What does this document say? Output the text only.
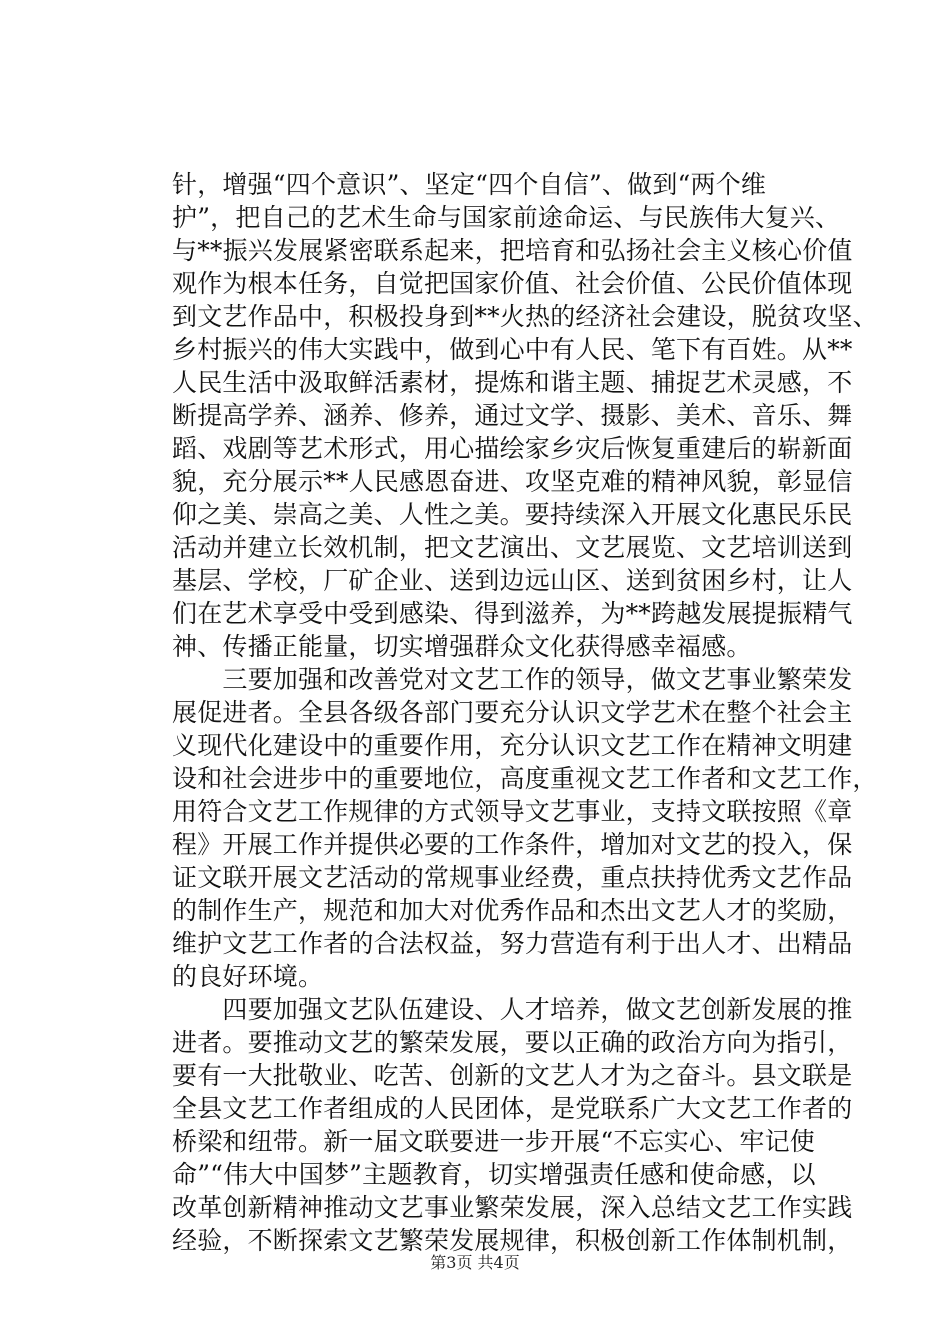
针，增强“四个意识”、坚定“四个自信”、做到“两个维
护”，把自己的艺术生命与国家前途命运、与民族伟大复兴、
与**振兴发展紧密联系起来，把培育和弘扬社会主义核心价值
观作为根本任务，自觉把国家价值、社会价值、公民价值体现
到文艺作品中，积极投身到**火热的经济社会建设，脱贫攻坚、
乡村振兴的伟大实践中，做到心中有人民、笔下有百姓。从**
人民生活中汲取鲜活素材，提炼和谐主题、捕捉艺术灵感，不
断提高学养、涵养、修养，通过文学、摄影、美术、音乐、舞
蹈、戏剧等艺术形式，用心描绘家乡灾后恢复重建后的崭新面
貌，充分展示**人民感恩奋进、攻坚克难的精神风貌，彰显信
仰之美、崇高之美、人性之美。要持续深入开展文化惠民乐民
活动并建立长效机制，把文艺演出、文艺展览、文艺培训送到
基层、学校，厂矿企业、送到边远山区、送到贫困乡村，让人
们在艺术享受中受到感染、得到滋养，为**跨越发展提振精气
神、传播正能量，切实增强群众文化获得感幸福感。
　　三要加强和改善党对文艺工作的领导，做文艺事业繁荣发
展促进者。全县各级各部门要充分认识文学艺术在整个社会主
义现代化建设中的重要作用，充分认识文艺工作在精神文明建
设和社会进步中的重要地位，高度重视文艺工作者和文艺工作，
用符合文艺工作规律的方式领导文艺事业，支持文联按照《章
程》开展工作并提供必要的工作条件，增加对文艺的投入，保
证文联开展文艺活动的常规事业经费，重点扶持优秀文艺作品
的制作生产，规范和加大对优秀作品和杰出文艺人才的奖励，
维护文艺工作者的合法权益，努力营造有利于出人才、出精品
的良好环境。
　　四要加强文艺队伍建设、人才培养，做文艺创新发展的推
进者。要推动文艺的繁荣发展，要以正确的政治方向为指引，
要有一大批敬业、吃苦、创新的文艺人才为之奋斗。县文联是
全县文艺工作者组成的人民团体，是党联系广大文艺工作者的
桥梁和纽带。新一届文联要进一步开展“不忘实心、牢记使
命”“伟大中国梦”主题教育，切实增强责任感和使命感，以
改革创新精神推动文艺事业繁荣发展，深入总结文艺工作实践
经验，不断探索文艺繁荣发展规律，积极创新工作体制机制，
第3页 共4页
